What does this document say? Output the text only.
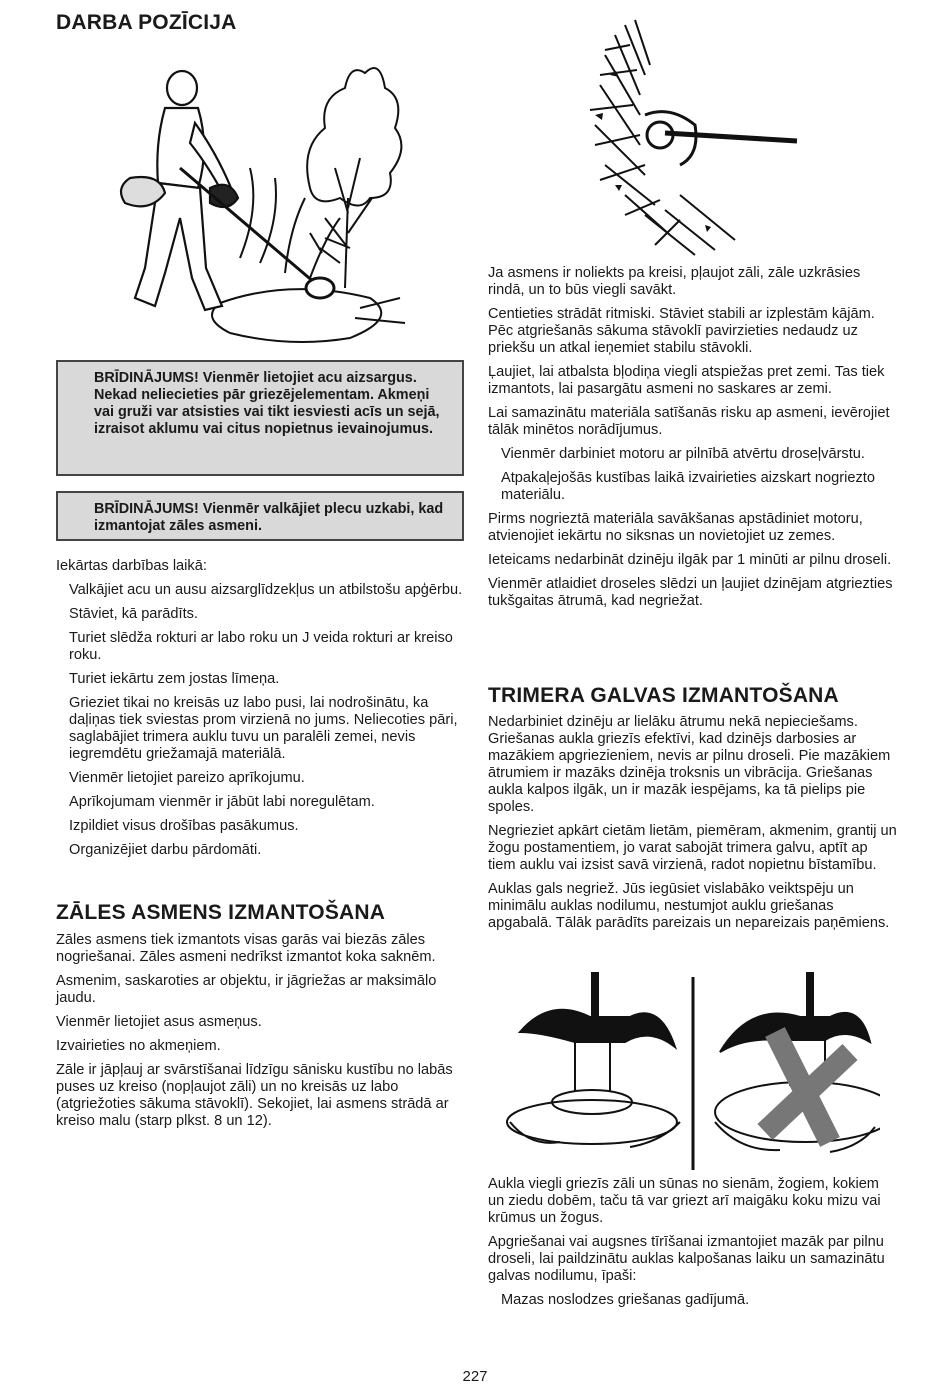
DARBA POZĪCIJA
BRĪDINĀJUMS! Vienmēr lietojiet acu aizsargus. Nekad neliecieties pār griezējelementam. Akmeņi vai gruži var atsisties vai tikt iesviesti acīs un sejā, izraisot aklumu vai citus nopietnus ievainojumus.
BRĪDINĀJUMS! Vienmēr valkājiet plecu uzkabi, kad izmantojat zāles asmeni.

Iekārtas darbības laikā:

Valkājiet acu un ausu aizsarglīdzekļus un atbilstošu apģērbu.

Stāviet, kā parādīts.

Turiet slēdža rokturi ar labo roku un J veida rokturi ar kreiso roku.

Turiet iekārtu zem jostas līmeņa.

Grieziet tikai no kreisās uz labo pusi, lai nodrošinātu, ka daļiņas tiek sviestas prom virzienā no jums. Neliecoties pāri, saglabājiet trimera auklu tuvu un paralēli zemei, nevis iegremdētu griežamajā materiālā.

Vienmēr lietojiet pareizo aprīkojumu.

Aprīkojumam vienmēr ir jābūt labi noregulētam.

Izpildiet visus drošības pasākumus.

Organizējiet darbu pārdomāti.

ZĀLES ASMENS IZMANTOŠANA

Zāles asmens tiek izmantots visas garās vai biezās zāles nogriešanai. Zāles asmeni nedrīkst izmantot koka saknēm.

Asmenim, saskaroties ar objektu, ir jāgriežas ar maksimālo jaudu.

Vienmēr lietojiet asus asmeņus.

Izvairieties no akmeņiem.

Zāle ir jāpļauj ar svārstīšanai līdzīgu sānisku kustību no labās puses uz kreiso (nopļaujot zāli) un no kreisās uz labo (atgriežoties sākuma stāvoklī). Sekojiet, lai asmens strādā ar kreiso malu (starp plkst. 8 un 12).

Ja asmens ir noliekts pa kreisi, pļaujot zāli, zāle uzkrāsies rindā, un to būs viegli savākt.

Centieties strādāt ritmiski. Stāviet stabili ar izplestām kājām. Pēc atgriešanās sākuma stāvoklī pavirzieties nedaudz uz priekšu un atkal ieņemiet stabilu stāvokli.

Ļaujiet, lai atbalsta bļodiņa viegli atspiežas pret zemi. Tas tiek izmantots, lai pasargātu asmeni no saskares ar zemi.

Lai samazinātu materiāla satīšanās risku ap asmeni, ievērojiet tālāk minētos norādījumus.

Vienmēr darbiniet motoru ar pilnībā atvērtu droseļvārstu.

Atpakaļejošās kustības laikā izvairieties aizskart nogriezto materiālu.

Pirms nogrieztā materiāla savākšanas apstādiniet motoru, atvienojiet iekārtu no siksnas un novietojiet uz zemes.

Ieteicams nedarbināt dzinēju ilgāk par 1 minūti ar pilnu droseli.

Vienmēr atlaidiet droseles slēdzi un ļaujiet dzinējam atgriezties tukšgaitas ātrumā, kad negriežat.

TRIMERA GALVAS IZMANTOŠANA

Nedarbiniet dzinēju ar lielāku ātrumu nekā nepieciešams. Griešanas aukla griezīs efektīvi, kad dzinējs darbosies ar mazākiem apgriezieniem, nevis ar pilnu droseli. Pie mazākiem ātrumiem ir mazāks dzinēja troksnis un vibrācija. Griešanas aukla kalpos ilgāk, un ir mazāk iespējams, ka tā pielips pie spoles.

Negrieziet apkārt cietām lietām, piemēram, akmenim, grantij un žogu postamentiem, jo varat sabojāt trimera galvu, aptīt ap tiem auklu vai izsist savā virzienā, radot nopietnu bīstamību.

Auklas gals negriež. Jūs iegūsiet vislabāko veiktspēju un minimālu auklas nodilumu, nestumjot auklu griešanas apgabalā. Tālāk parādīts pareizais un nepareizais paņēmiens.

Aukla viegli griezīs zāli un sūnas no sienām, žogiem, kokiem un ziedu dobēm, taču tā var griezt arī maigāku koku mizu vai krūmus un žogus.

Apgriešanai vai augsnes tīrīšanai izmantojiet mazāk par pilnu droseli, lai paildzinātu auklas kalpošanas laiku un samazinātu galvas nodilumu, īpaši:

Mazas noslodzes griešanas gadījumā.

227
